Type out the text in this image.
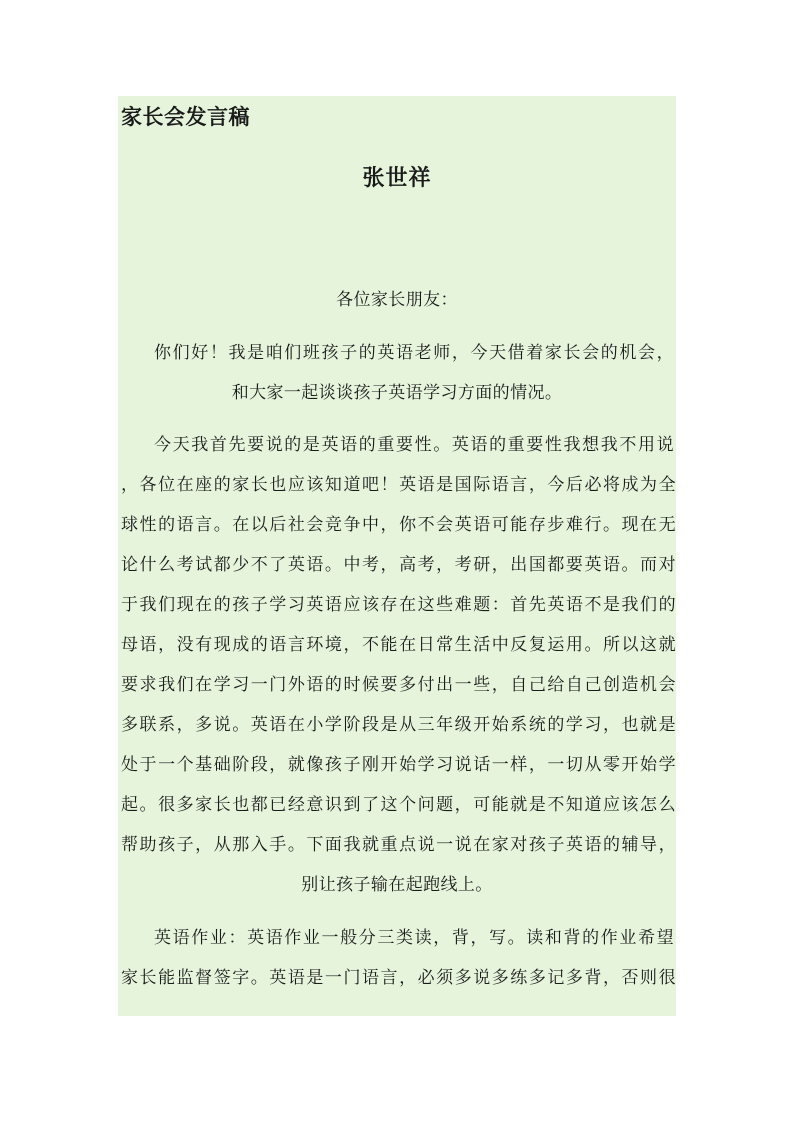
家长会发言稿
张世祥
各位家长朋友：
你们好！我是咱们班孩子的英语老师，今天借着家长会的机会，
和大家一起谈谈孩子英语学习方面的情况。
今天我首先要说的是英语的重要性。英语的重要性我想我不用说
，各位在座的家长也应该知道吧！英语是国际语言，今后必将成为全
球性的语言。在以后社会竞争中，你不会英语可能存步难行。现在无
论什么考试都少不了英语。中考，高考，考研，出国都要英语。而对
于我们现在的孩子学习英语应该存在这些难题：首先英语不是我们的
母语，没有现成的语言环境，不能在日常生活中反复运用。所以这就
要求我们在学习一门外语的时候要多付出一些，自己给自己创造机会
多联系，多说。英语在小学阶段是从三年级开始系统的学习，也就是
处于一个基础阶段，就像孩子刚开始学习说话一样，一切从零开始学
起。很多家长也都已经意识到了这个问题，可能就是不知道应该怎么
帮助孩子，从那入手。下面我就重点说一说在家对孩子英语的辅导，
别让孩子输在起跑线上。
英语作业：英语作业一般分三类读，背，写。读和背的作业希望
家长能监督签字。英语是一门语言，必须多说多练多记多背，否则很
